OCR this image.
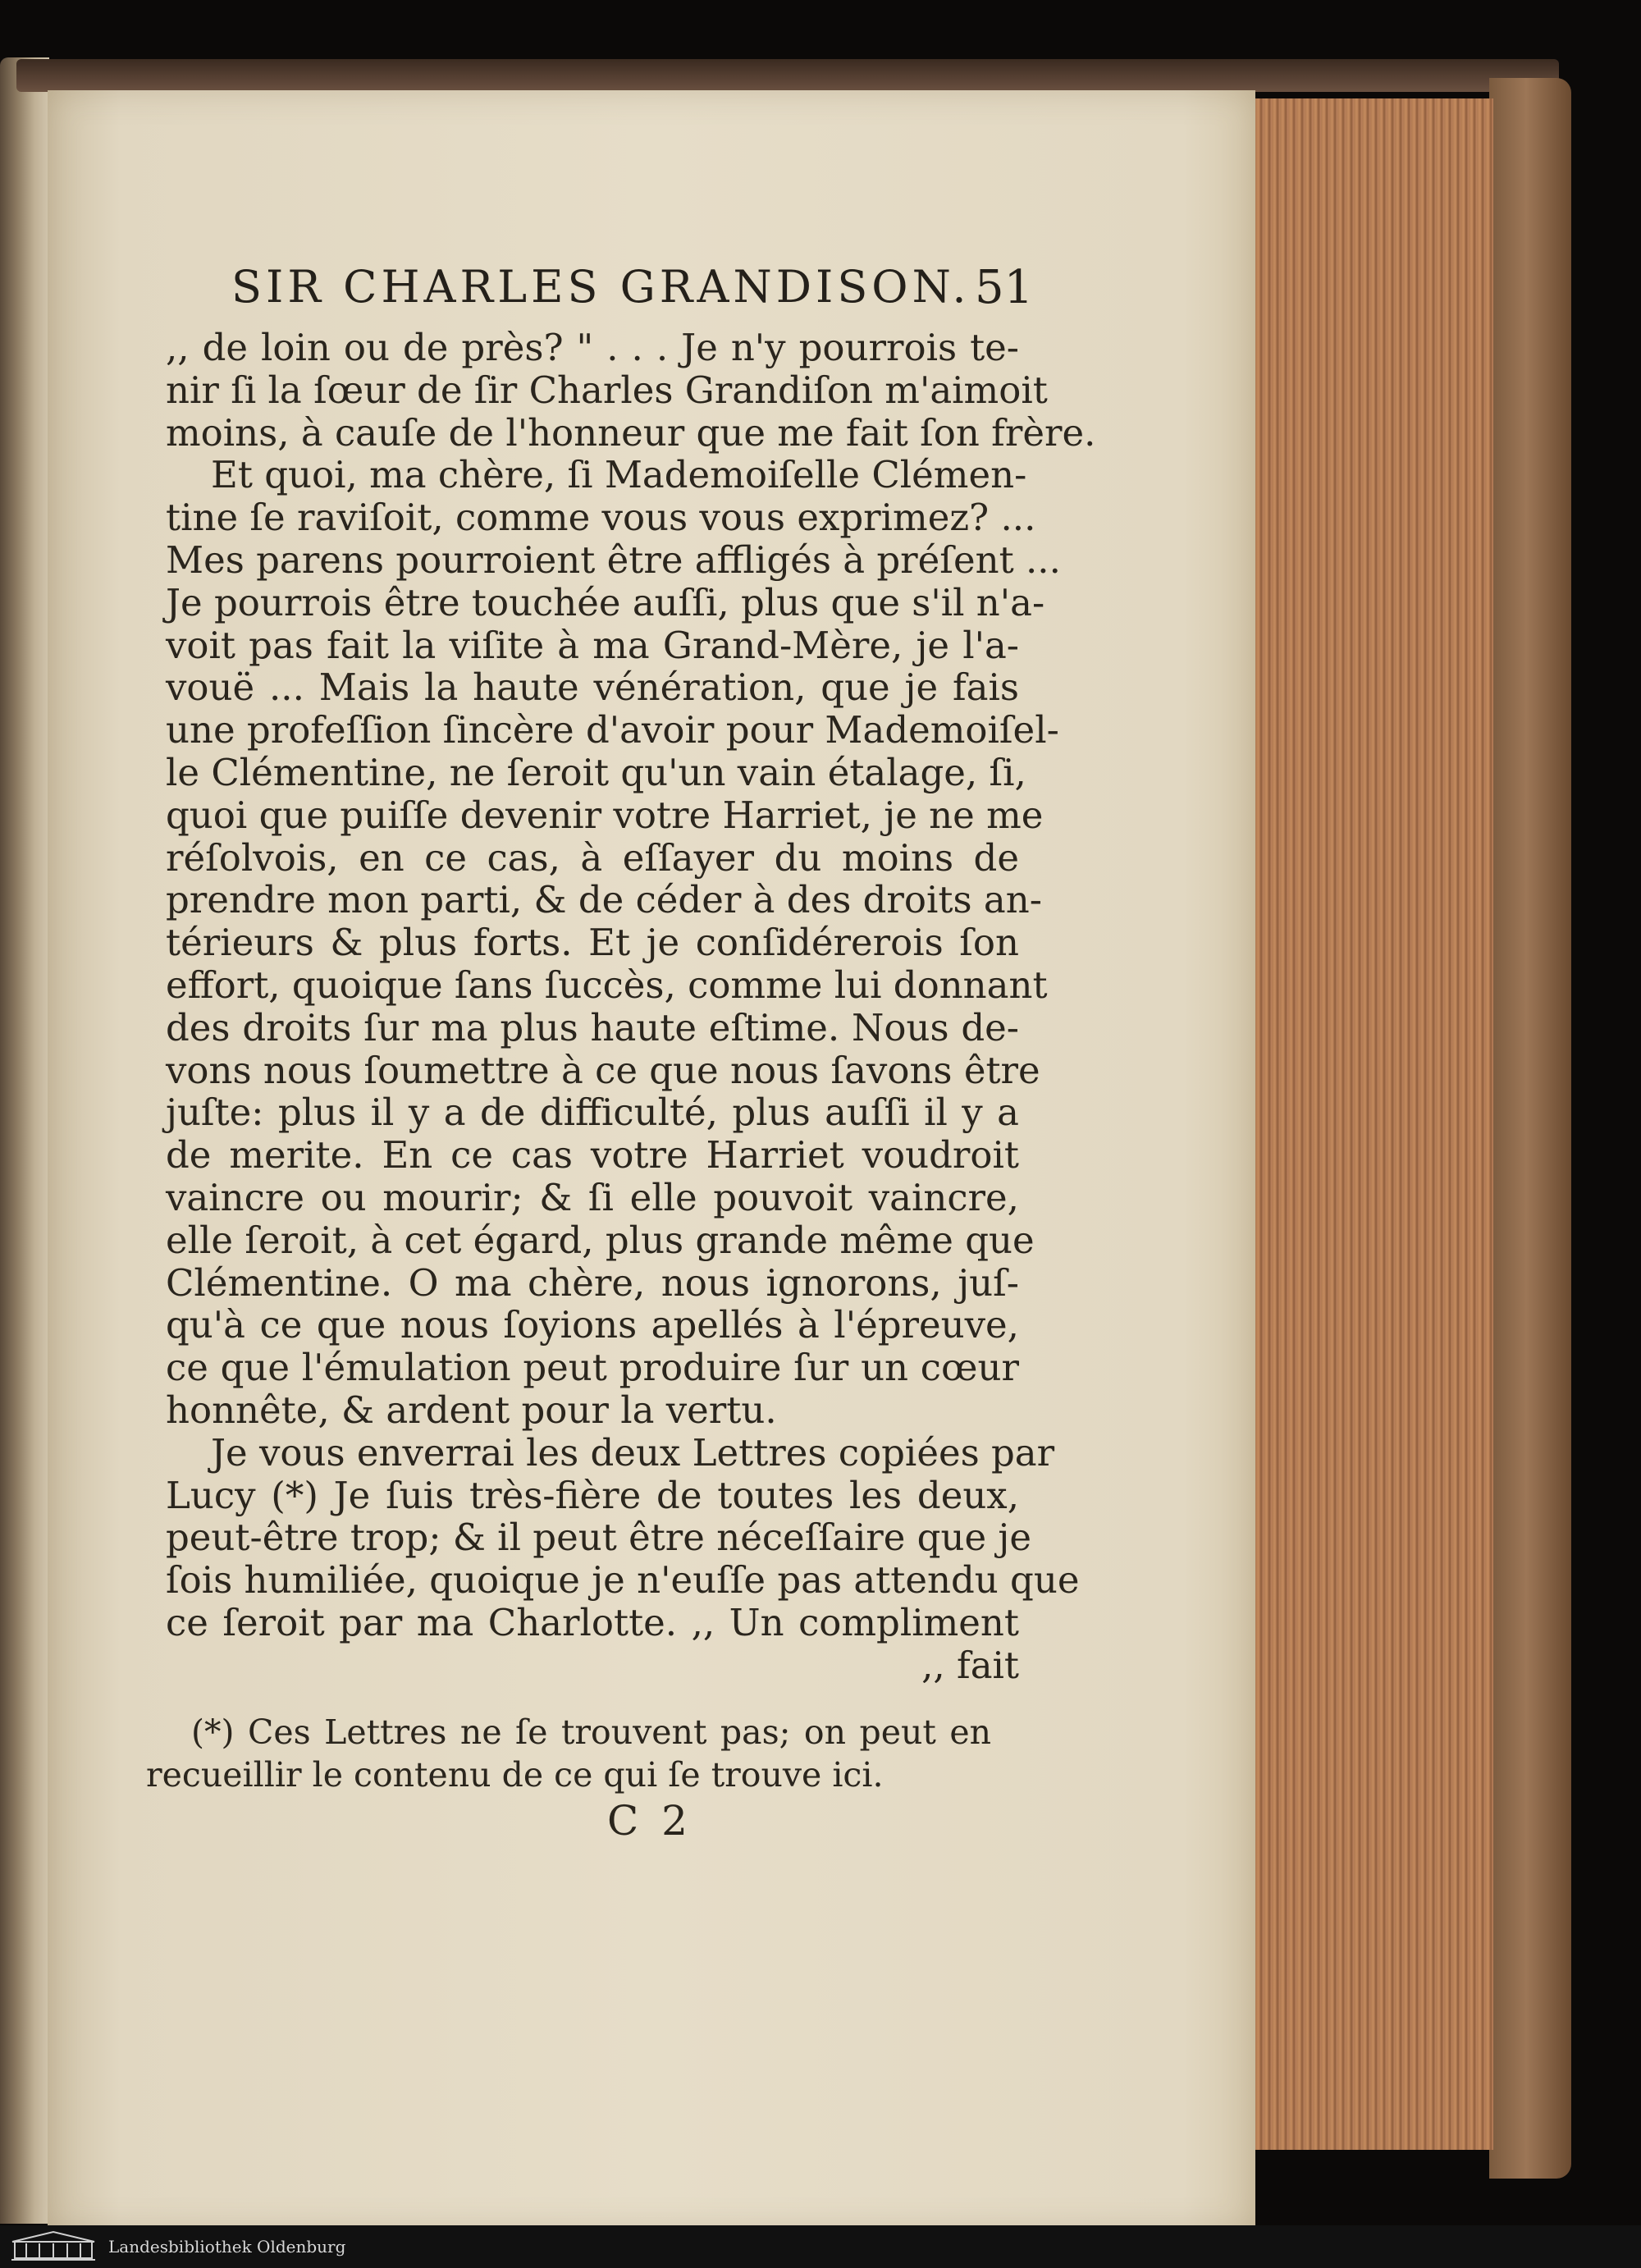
SIR CHARLES GRANDISON. 51
,, de loin ou de près? " . . . Je n'y pourrois te-
nir ſi la ſœur de ſir Charles Grandiſon m'aimoit
moins, à cauſe de l'honneur que me fait ſon frère.
Et quoi, ma chère, ſi Mademoiſelle Clémen-
tine ſe raviſoit, comme vous vous exprimez? ...
Mes parens pourroient être affligés à préſent ...
Je pourrois être touchée auſſi, plus que s'il n'a-
voit pas fait la viſite à ma Grand-Mère, je l'a-
vouë ... Mais la haute vénération, que je fais
une profeſſion ſincère d'avoir pour Mademoiſel-
le Clémentine, ne ſeroit qu'un vain étalage, ſi,
quoi que puiſſe devenir votre Harriet, je ne me
réſolvois, en ce cas, à eſſayer du moins de
prendre mon parti, & de céder à des droits an-
térieurs & plus forts. Et je conſidérerois ſon
effort, quoique ſans ſuccès, comme lui donnant
des droits ſur ma plus haute eſtime. Nous de-
vons nous ſoumettre à ce que nous ſavons être
juſte: plus il y a de difficulté, plus auſſi il y a
de merite. En ce cas votre Harriet voudroit
vaincre ou mourir; & ſi elle pouvoit vaincre,
elle ſeroit, à cet égard, plus grande même que
Clémentine. O ma chère, nous ignorons, juſ-
qu'à ce que nous ſoyions apellés à l'épreuve,
ce que l'émulation peut produire ſur un cœur
honnête, & ardent pour la vertu.
Je vous enverrai les deux Lettres copiées par
Lucy (*) Je ſuis très-fière de toutes les deux,
peut-être trop; & il peut être néceſſaire que je
ſois humiliée, quoique je n'euſſe pas attendu que
ce ſeroit par ma Charlotte. ,, Un compliment
,, fait
(*) Ces Lettres ne ſe trouvent pas; on peut en
recueillir le contenu de ce qui ſe trouve ici.
C 2
Landesbibliothek Oldenburg
